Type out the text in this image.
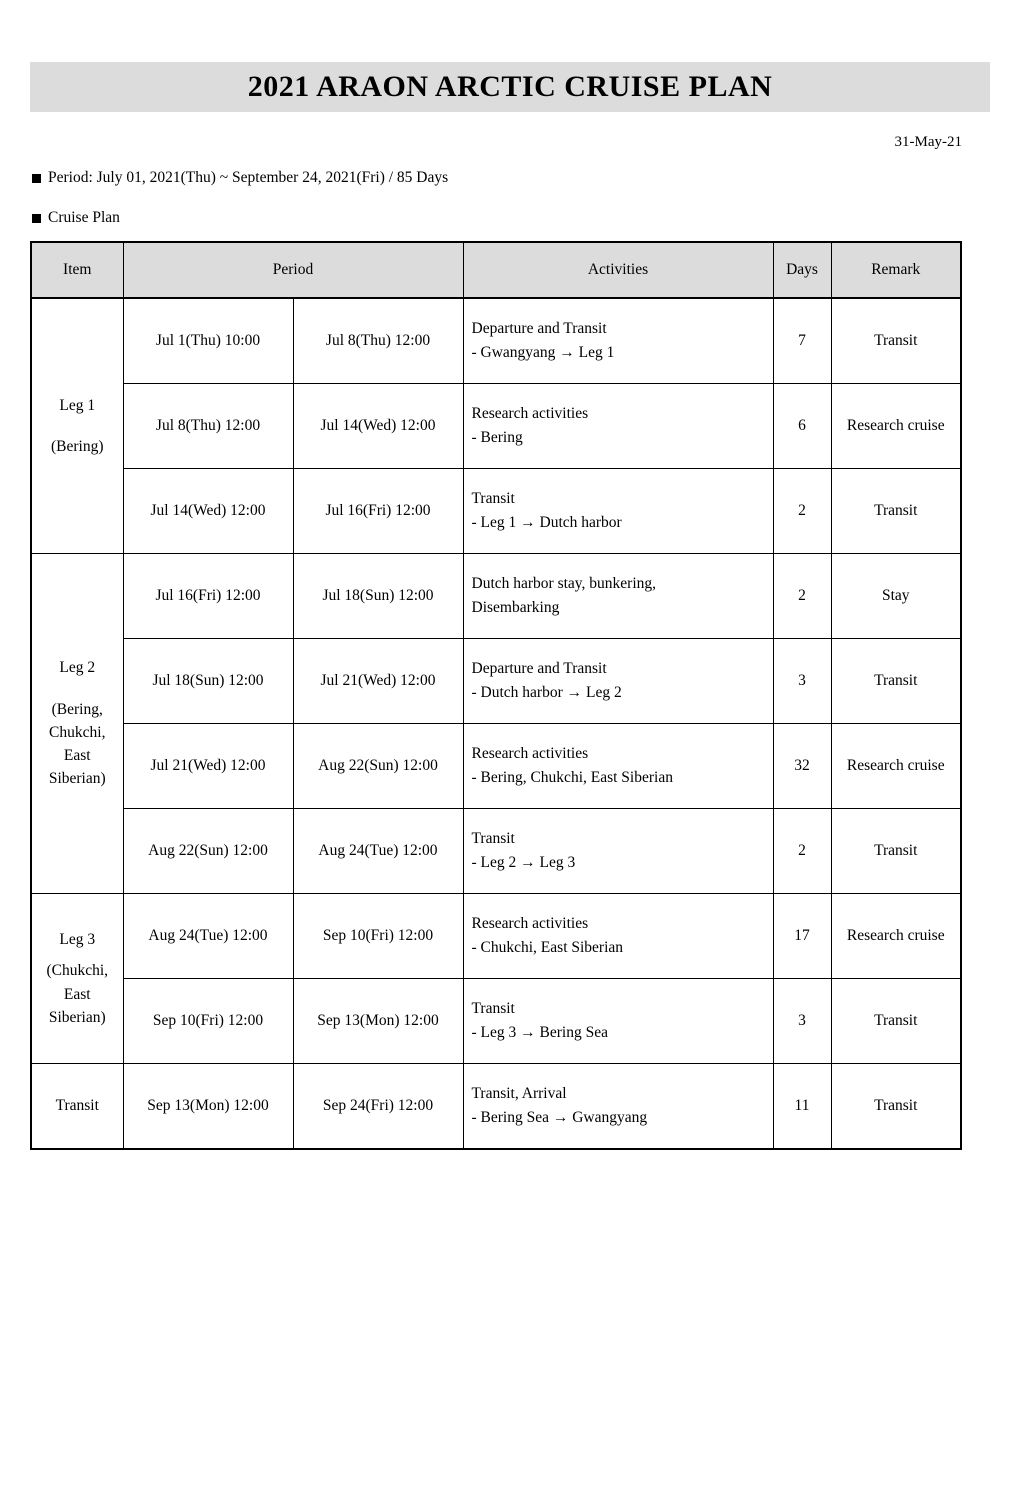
2021 ARAON ARCTIC CRUISE PLAN
31-May-21
Period: July 01, 2021(Thu) ~ September 24, 2021(Fri) / 85 Days
Cruise Plan
Item	Period		Activities	Days	Remark

Leg 1
(Bering)
	Jul 1(Thu) 10:00	Jul 8(Thu) 12:00	
Departure and Transit
- Gwangyang → Leg 1
	7	Transit
	Jul 8(Thu) 12:00	Jul 14(Wed) 12:00	Research activities
- Bering	6	Research cruise
	Jul 14(Wed) 12:00	Jul 16(Fri) 12:00	Transit
- Leg 1 → Dutch harbor	2	Transit

Leg 2
(Bering, Chukchi, East Siberian)
	Jul 16(Fri) 12:00	Jul 18(Sun) 12:00	
Dutch harbor stay, bunkering,
Disembarking
	2	Stay
	Jul 18(Sun) 12:00	Jul 21(Wed) 12:00	Departure and Transit
- Dutch harbor → Leg 2	3	Transit
	Jul 21(Wed) 12:00	Aug 22(Sun) 12:00	Research activities
- Bering, Chukchi, East Siberian	32	Research cruise
	Aug 22(Sun) 12:00	Aug 24(Tue) 12:00	Transit
- Leg 2 → Leg 3	2	Transit

Leg 3
(Chukchi, East Siberian)
	Aug 24(Tue) 12:00	Sep 10(Fri) 12:00	
Research activities
- Chukchi, East Siberian
	17	Research cruise
	Sep 10(Fri) 12:00	Sep 13(Mon) 12:00	Transit
- Leg 3 → Bering Sea	3	Transit

Transit	Sep 13(Mon) 12:00	Sep 24(Fri) 12:00	Transit, Arrival
- Bering Sea → Gwangyang	11	Transit
